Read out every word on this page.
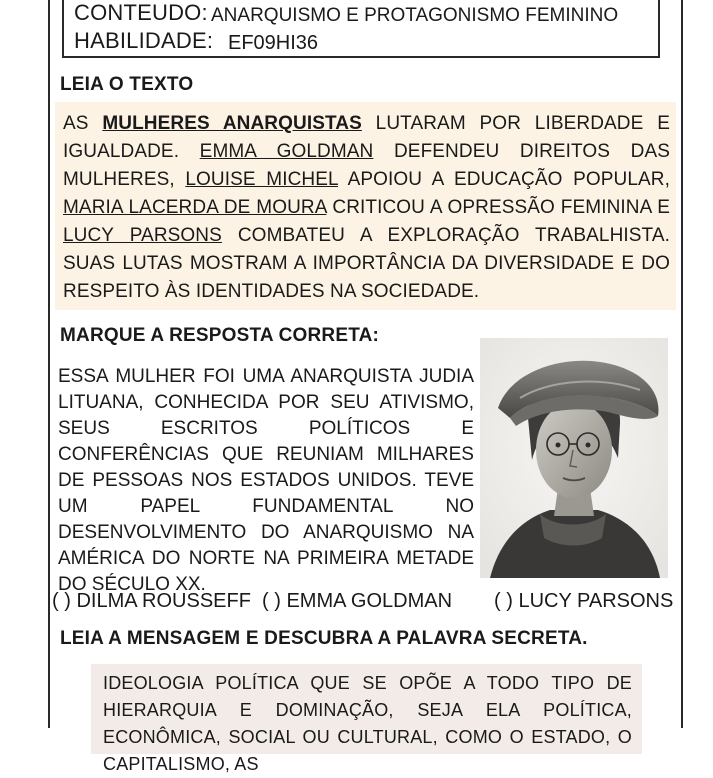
CONTEUDO: ANARQUISMO E PROTAGONISMO FEMININO
HABILIDADE: EF09HI36
LEIA O TEXTO

AS MULHERES ANARQUISTAS LUTARAM POR LIBERDADE E IGUALDADE. EMMA GOLDMAN DEFENDEU DIREITOS DAS MULHERES, LOUISE MICHEL APOIOU A EDUCAÇÃO POPULAR, MARIA LACERDA DE MOURA CRITICOU A OPRESSÃO FEMININA E LUCY PARSONS COMBATEU A EXPLORAÇÃO TRABALHISTA. SUAS LUTAS MOSTRAM A IMPORTÂNCIA DA DIVERSIDADE E DO RESPEITO ÀS IDENTIDADES NA SOCIEDADE.

MARQUE A RESPOSTA CORRETA:

ESSA MULHER FOI UMA ANARQUISTA JUDIA LITUANA, CONHECIDA POR SEU ATIVISMO, SEUS ESCRITOS POLÍTICOS E CONFERÊNCIAS QUE REUNIAM MILHARES DE PESSOAS NOS ESTADOS UNIDOS. TEVE UM PAPEL FUNDAMENTAL NO DESENVOLVIMENTO DO ANARQUISMO NA AMÉRICA DO NORTE NA PRIMEIRA METADE DO SÉCULO XX.

( ) DILMA ROUSSEFF ( ) EMMA GOLDMAN ( ) LUCY PARSONS
LEIA A MENSAGEM E DESCUBRA A PALAVRA SECRETA.

IDEOLOGIA POLÍTICA QUE SE OPÕE A TODO TIPO DE HIERARQUIA E DOMINAÇÃO, SEJA ELA POLÍTICA, ECONÔMICA, SOCIAL OU CULTURAL, COMO O ESTADO, O CAPITALISMO, AS
